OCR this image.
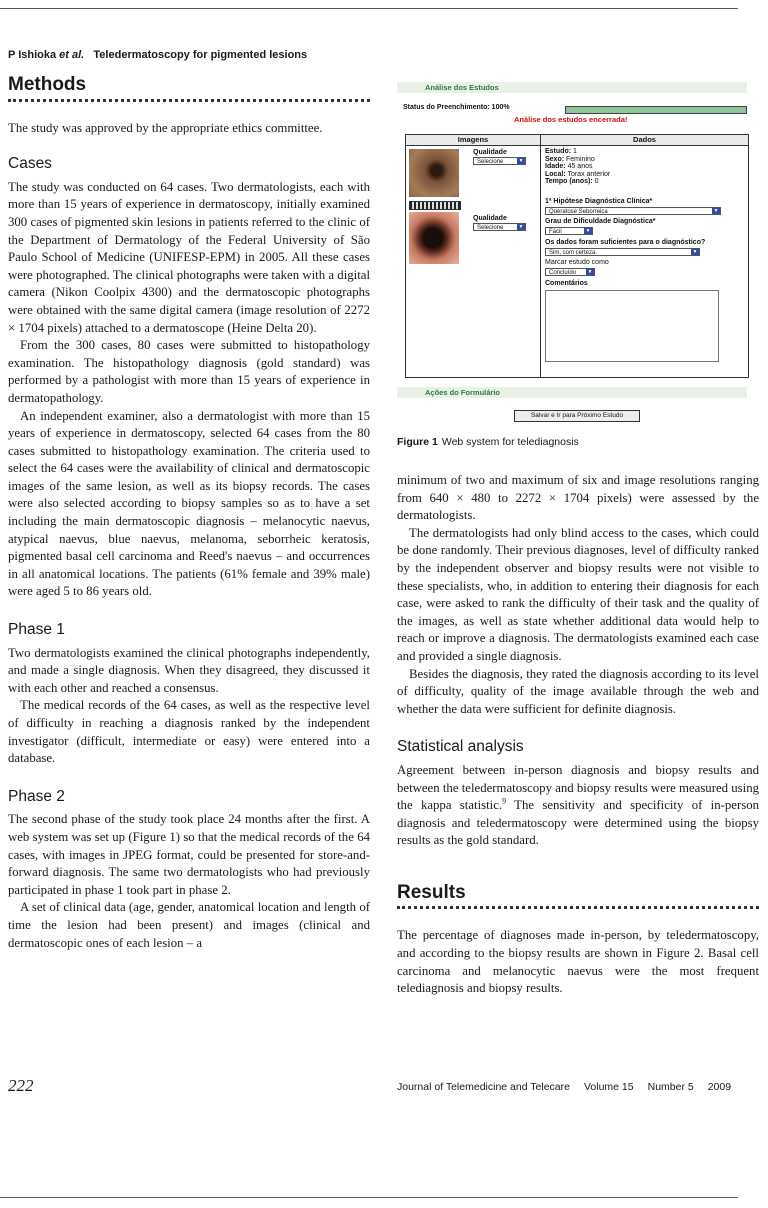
P Ishioka et al. Teledermatoscopy for pigmented lesions
Methods

The study was approved by the appropriate ethics committee.

Cases

The study was conducted on 64 cases. Two dermatologists, each with more than 15 years of experience in dermatoscopy, initially examined 300 cases of pigmented skin lesions in patients referred to the clinic of the Department of Dermatology of the Federal University of São Paulo School of Medicine (UNIFESP-EPM) in 2005. All these cases were photographed. The clinical photographs were taken with a digital camera (Nikon Coolpix 4300) and the dermatoscopic photographs were obtained with the same digital camera (image resolution of 2272 × 1704 pixels) attached to a dermatoscope (Heine Delta 20).

From the 300 cases, 80 cases were submitted to histopathology examination. The histopathology diagnosis (gold standard) was performed by a pathologist with more than 15 years of experience in dermatopathology.

An independent examiner, also a dermatologist with more than 15 years of experience in dermatoscopy, selected 64 cases from the 80 cases submitted to histopathology examination. The criteria used to select the 64 cases were the availability of clinical and dermatoscopic images of the same lesion, as well as its biopsy records. The cases were also selected according to biopsy samples so as to have a set including the main dermatoscopic diagnosis – melanocytic naevus, atypical naevus, blue naevus, melanoma, seborrheic keratosis, pigmented basal cell carcinoma and Reed's naevus – and occurrences in all anatomical locations. The patients (61% female and 39% male) were aged 5 to 86 years old.

Phase 1

Two dermatologists examined the clinical photographs independently, and made a single diagnosis. When they disagreed, they discussed it with each other and reached a consensus.

The medical records of the 64 cases, as well as the respective level of difficulty in reaching a diagnosis ranked by the independent investigator (difficult, intermediate or easy) were entered into a database.

Phase 2

The second phase of the study took place 24 months after the first. A web system was set up (Figure 1) so that the medical records of the 64 cases, with images in JPEG format, could be presented for store-and-forward diagnosis. The same two dermatologists who had previously participated in phase 1 took part in phase 2.

A set of clinical data (age, gender, anatomical location and length of time the lesion had been present) and images (clinical and dermatoscopic ones of each lesion – a

Análise dos Estudos
Status do Preenchimento: 100%
Análise dos estudos encerrada!
Imagens	Dados
Qualidade
Selecione	▼
Qualidade
Selecione	▼
Estudo: 1
Sexo: Feminino
Idade: 45 anos
Local: Torax anterior
Tempo (anos): 0
1ª Hipótese Diagnóstica Clínica*
Queratose Seborreica	▼
Grau de Dificuldade Diagnóstica*
Fácil	▼
Os dados foram suficientes para o diagnóstico?
Sim, com certeza.	▼
Marcar estudo como
Concluído	▼
Comentários
Ações do Formulário
Salvar e Ir para Próximo Estudo
Figure 1 Web system for telediagnosis

minimum of two and maximum of six and image resolutions ranging from 640 × 480 to 2272 × 1704 pixels) were assessed by the dermatologists.

The dermatologists had only blind access to the cases, which could be done randomly. Their previous diagnoses, level of difficulty ranked by the independent observer and biopsy results were not visible to these specialists, who, in addition to entering their diagnosis for each case, were asked to rank the difficulty of their task and the quality of the images, as well as state whether additional data would help to reach or improve a diagnosis. The dermatologists examined each case and provided a single diagnosis.

Besides the diagnosis, they rated the diagnosis according to its level of difficulty, quality of the image available through the web and whether the data were sufficient for definite diagnosis.

Statistical analysis

Agreement between in-person diagnosis and biopsy results and between the teledermatoscopy and biopsy results were measured using the kappa statistic.$^9$ The sensitivity and specificity of in-person diagnosis and teledermatoscopy were determined using the biopsy results as the gold standard.

Results

The percentage of diagnoses made in-person, by teledermatoscopy, and according to the biopsy results are shown in Figure 2. Basal cell carcinoma and melanocytic naevus were the most frequent telediagnosis and biopsy results.

222	Journal of Telemedicine and Telecare Volume 15 Number 5 2009
